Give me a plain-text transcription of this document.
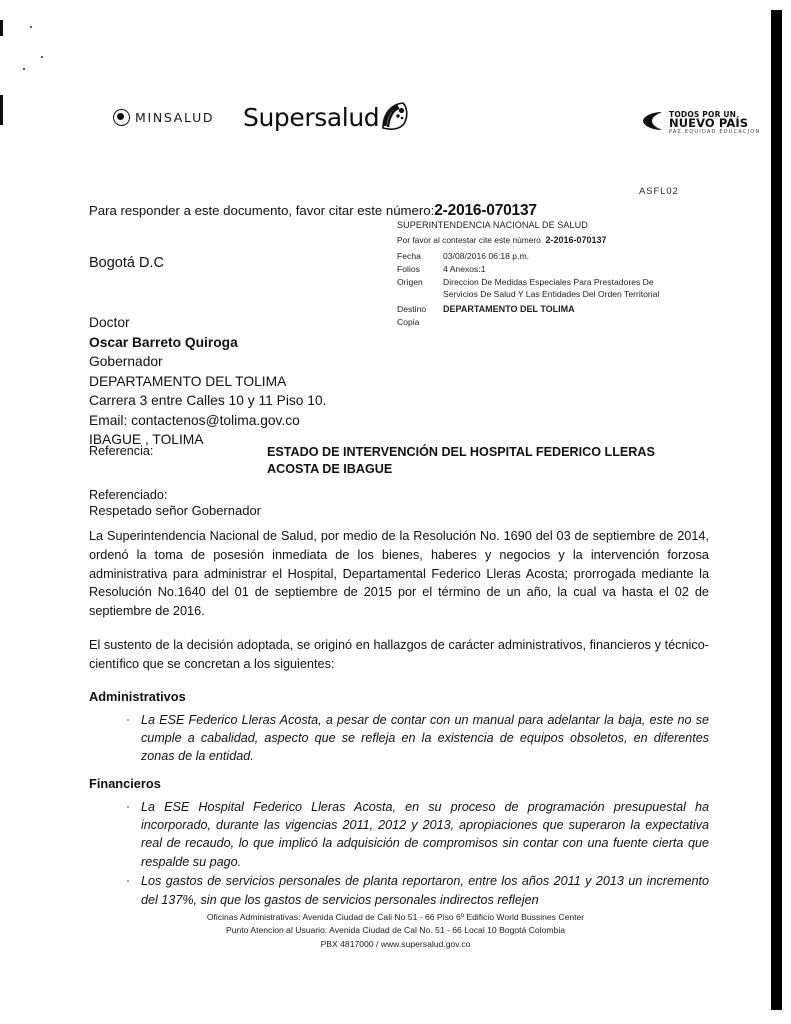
MINSALUD Supersalud	TODOS POR UN
NUEVO PAÍS
PAZ EQUIDAD EDUCACION
ASFL02
Para responder a este documento, favor citar este número:2-2016-070137
SUPERINTENDENCIA NACIONAL DE SALUD
Por favor al contestar cite este número 2-2016-070137
Fecha	03/08/2016 06:18 p.m.
Folios	4 Anexos:1
Origen	Direccion De Medidas Especiales Para Prestadores De
Servicios De Salud Y Las Entidades Del Orden Territorial
Destino	DEPARTAMENTO DEL TOLIMA
Copia
Bogotá D.C
Doctor
Oscar Barreto Quiroga
Gobernador
DEPARTAMENTO DEL TOLIMA
Carrera 3 entre Calles 10 y 11 Piso 10.
Email: contactenos@tolima.gov.co
IBAGUE , TOLIMA
Referencia:	ESTADO DE INTERVENCIÓN DEL HOSPITAL FEDERICO LLERAS
ACOSTA DE IBAGUE
Referenciado:
Respetado señor Gobernador

La Superintendencia Nacional de Salud, por medio de la Resolución No. 1690 del 03 de septiembre de 2014, ordenó la toma de posesión inmediata de los bienes, haberes y negocios y la intervención forzosa administrativa para administrar el Hospital, Departamental Federico Lleras Acosta; prorrogada mediante la Resolución No.1640 del 01 de septiembre de 2015 por el término de un año, la cual va hasta el 02 de septiembre de 2016.

El sustento de la decisión adoptada, se originó en hallazgos de carácter administrativos, financieros y técnico-científico que se concretan a los siguientes:

Administrativos
La ESE Federico Lleras Acosta, a pesar de contar con un manual para adelantar la baja, este no se cumple a cabalidad, aspecto que se refleja en la existencia de equipos obsoletos, en diferentes zonas de la entidad.
Financieros
La ESE Hospital Federico Lleras Acosta, en su proceso de programación presupuestal ha incorporado, durante las vigencias 2011, 2012 y 2013, apropiaciones que superaron la expectativa real de recaudo, lo que implicó la adquisición de compromisos sin contar con una fuente cierta que respalde su pago.
Los gastos de servicios personales de planta reportaron, entre los años 2011 y 2013 un incremento del 137%, sin que los gastos de servicios personales indirectos reflejen
Oficinas Administrativas: Avenida Ciudad de Cali No 51 - 66 Piso 6º Edificio World Bussines Center
Punto Atencion al Usuario: Avenida Ciudad de Cal No. 51 - 66 Local 10 Bogotá Colombia
PBX 4817000 / www.supersalud.gov.co
